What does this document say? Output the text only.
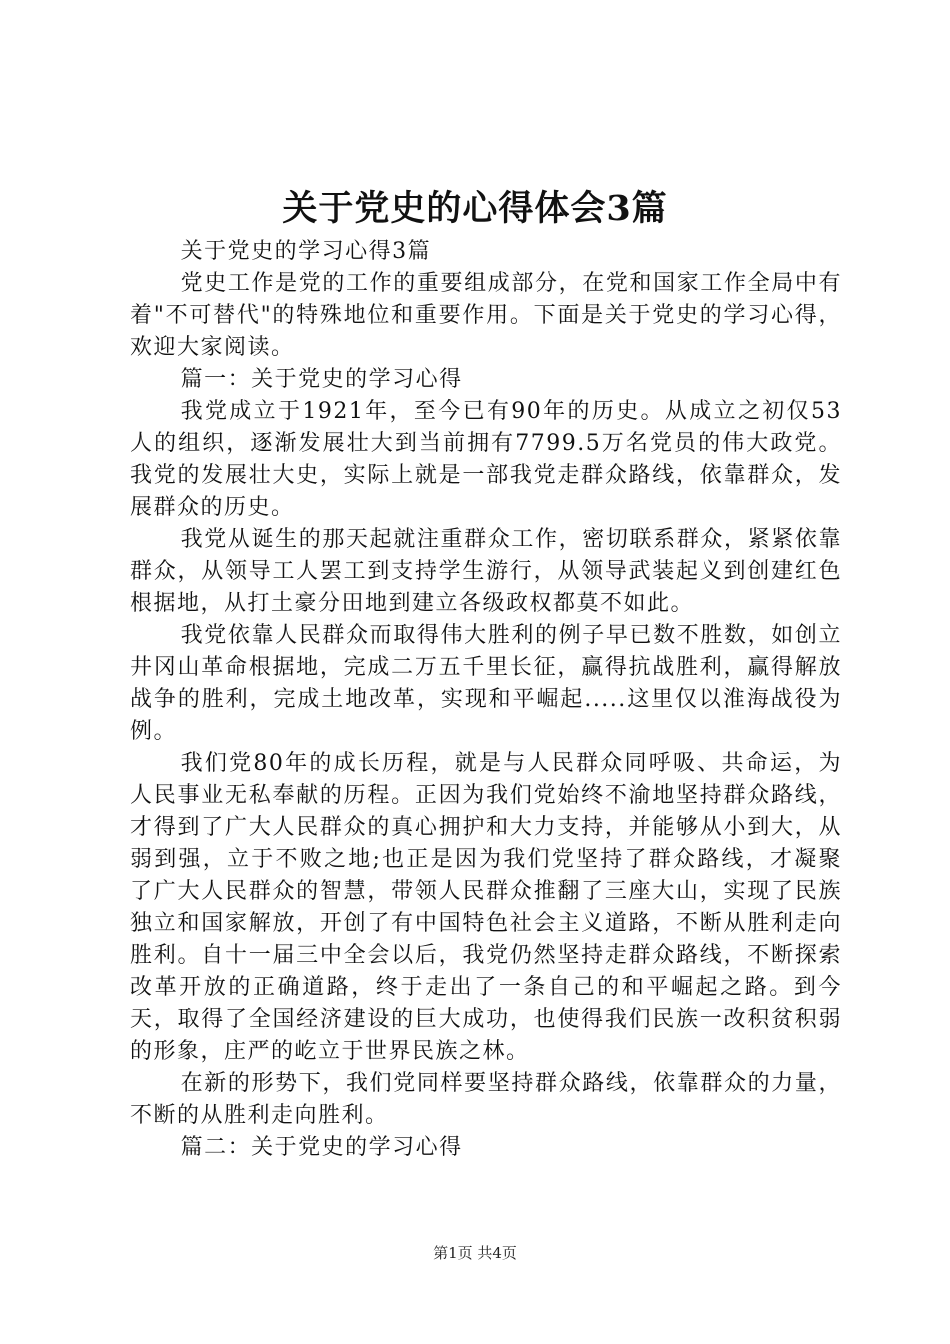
关于党史的心得体会3篇

关于党史的学习心得3篇

党史工作是党的工作的重要组成部分，在党和国家工作全局中有着"不可替代"的特殊地位和重要作用。下面是关于党史的学习心得，欢迎大家阅读。

篇一：关于党史的学习心得

我党成立于1921年，至今已有90年的历史。从成立之初仅53人的组织，逐渐发展壮大到当前拥有7799.5万名党员的伟大政党。我党的发展壮大史，实际上就是一部我党走群众路线，依靠群众，发展群众的历史。

我党从诞生的那天起就注重群众工作，密切联系群众，紧紧依靠群众，从领导工人罢工到支持学生游行，从领导武装起义到创建红色根据地，从打土豪分田地到建立各级政权都莫不如此。

我党依靠人民群众而取得伟大胜利的例子早已数不胜数，如创立井冈山革命根据地，完成二万五千里长征，赢得抗战胜利，赢得解放战争的胜利，完成土地改革，实现和平崛起.....这里仅以淮海战役为例。

我们党80年的成长历程，就是与人民群众同呼吸、共命运，为人民事业无私奉献的历程。正因为我们党始终不渝地坚持群众路线，才得到了广大人民群众的真心拥护和大力支持，并能够从小到大，从弱到强，立于不败之地;也正是因为我们党坚持了群众路线，才凝聚了广大人民群众的智慧，带领人民群众推翻了三座大山，实现了民族独立和国家解放，开创了有中国特色社会主义道路，不断从胜利走向胜利。自十一届三中全会以后，我党仍然坚持走群众路线，不断探索改革开放的正确道路，终于走出了一条自己的和平崛起之路。到今天，取得了全国经济建设的巨大成功，也使得我们民族一改积贫积弱的形象，庄严的屹立于世界民族之林。

在新的形势下，我们党同样要坚持群众路线，依靠群众的力量，不断的从胜利走向胜利。

篇二：关于党史的学习心得

第1页 共4页
